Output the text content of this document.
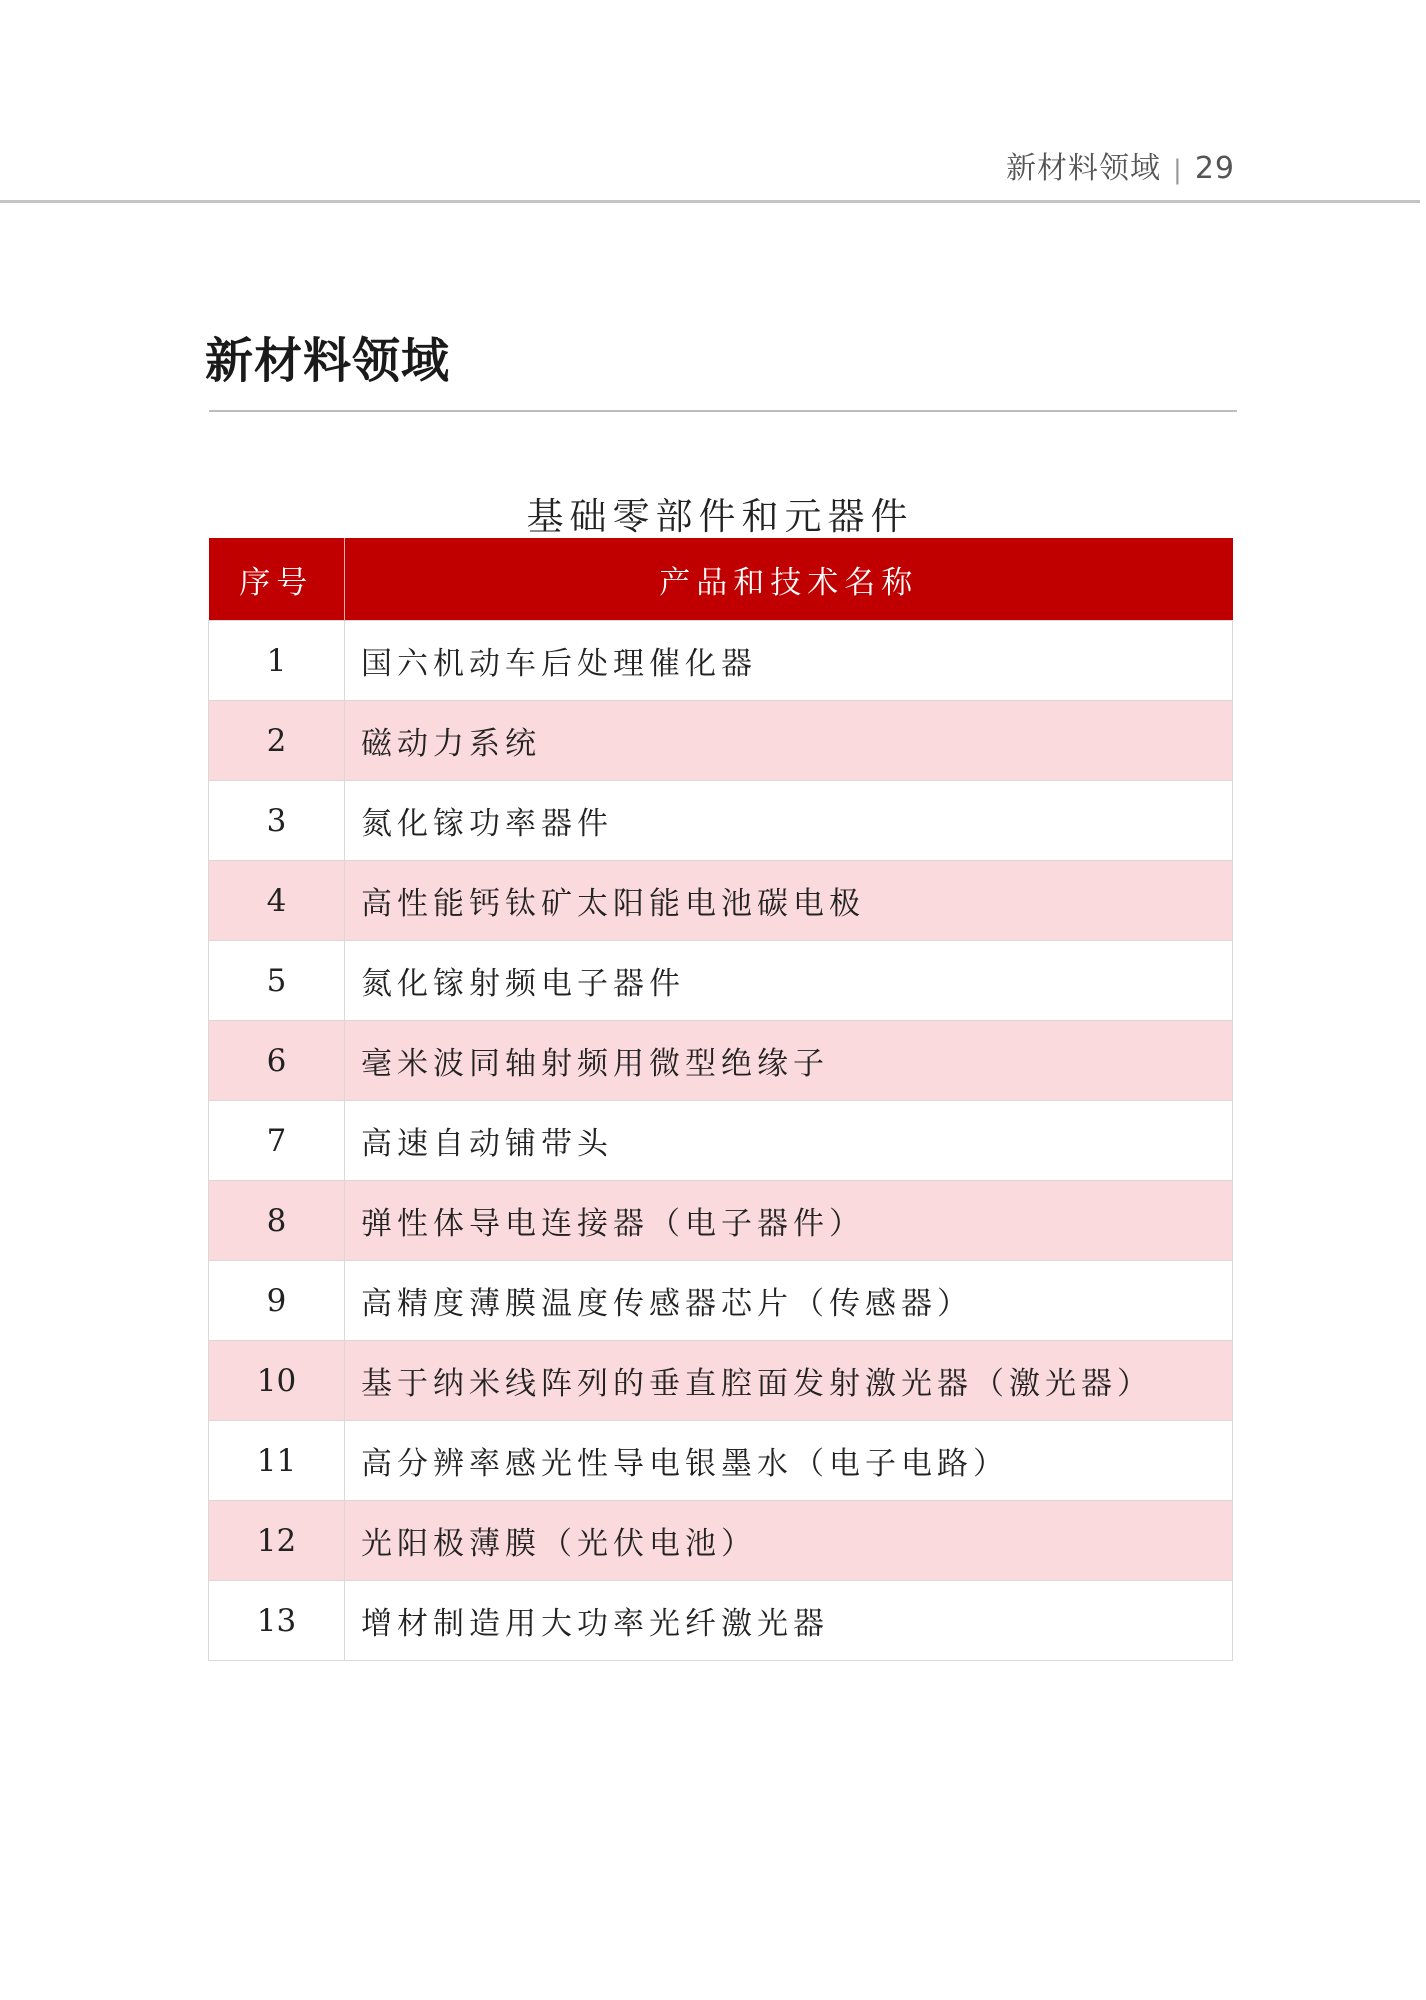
新材料领域 | 29
新材料领域
基础零部件和元器件
序号	产品和技术名称
1	国六机动车后处理催化器
2	磁动力系统
3	氮化镓功率器件
4	高性能钙钛矿太阳能电池碳电极
5	氮化镓射频电子器件
6	毫米波同轴射频用微型绝缘子
7	高速自动铺带头
8	弹性体导电连接器（电子器件）
9	高精度薄膜温度传感器芯片（传感器）
10	基于纳米线阵列的垂直腔面发射激光器（激光器）
11	高分辨率感光性导电银墨水（电子电路）
12	光阳极薄膜（光伏电池）
13	增材制造用大功率光纤激光器
